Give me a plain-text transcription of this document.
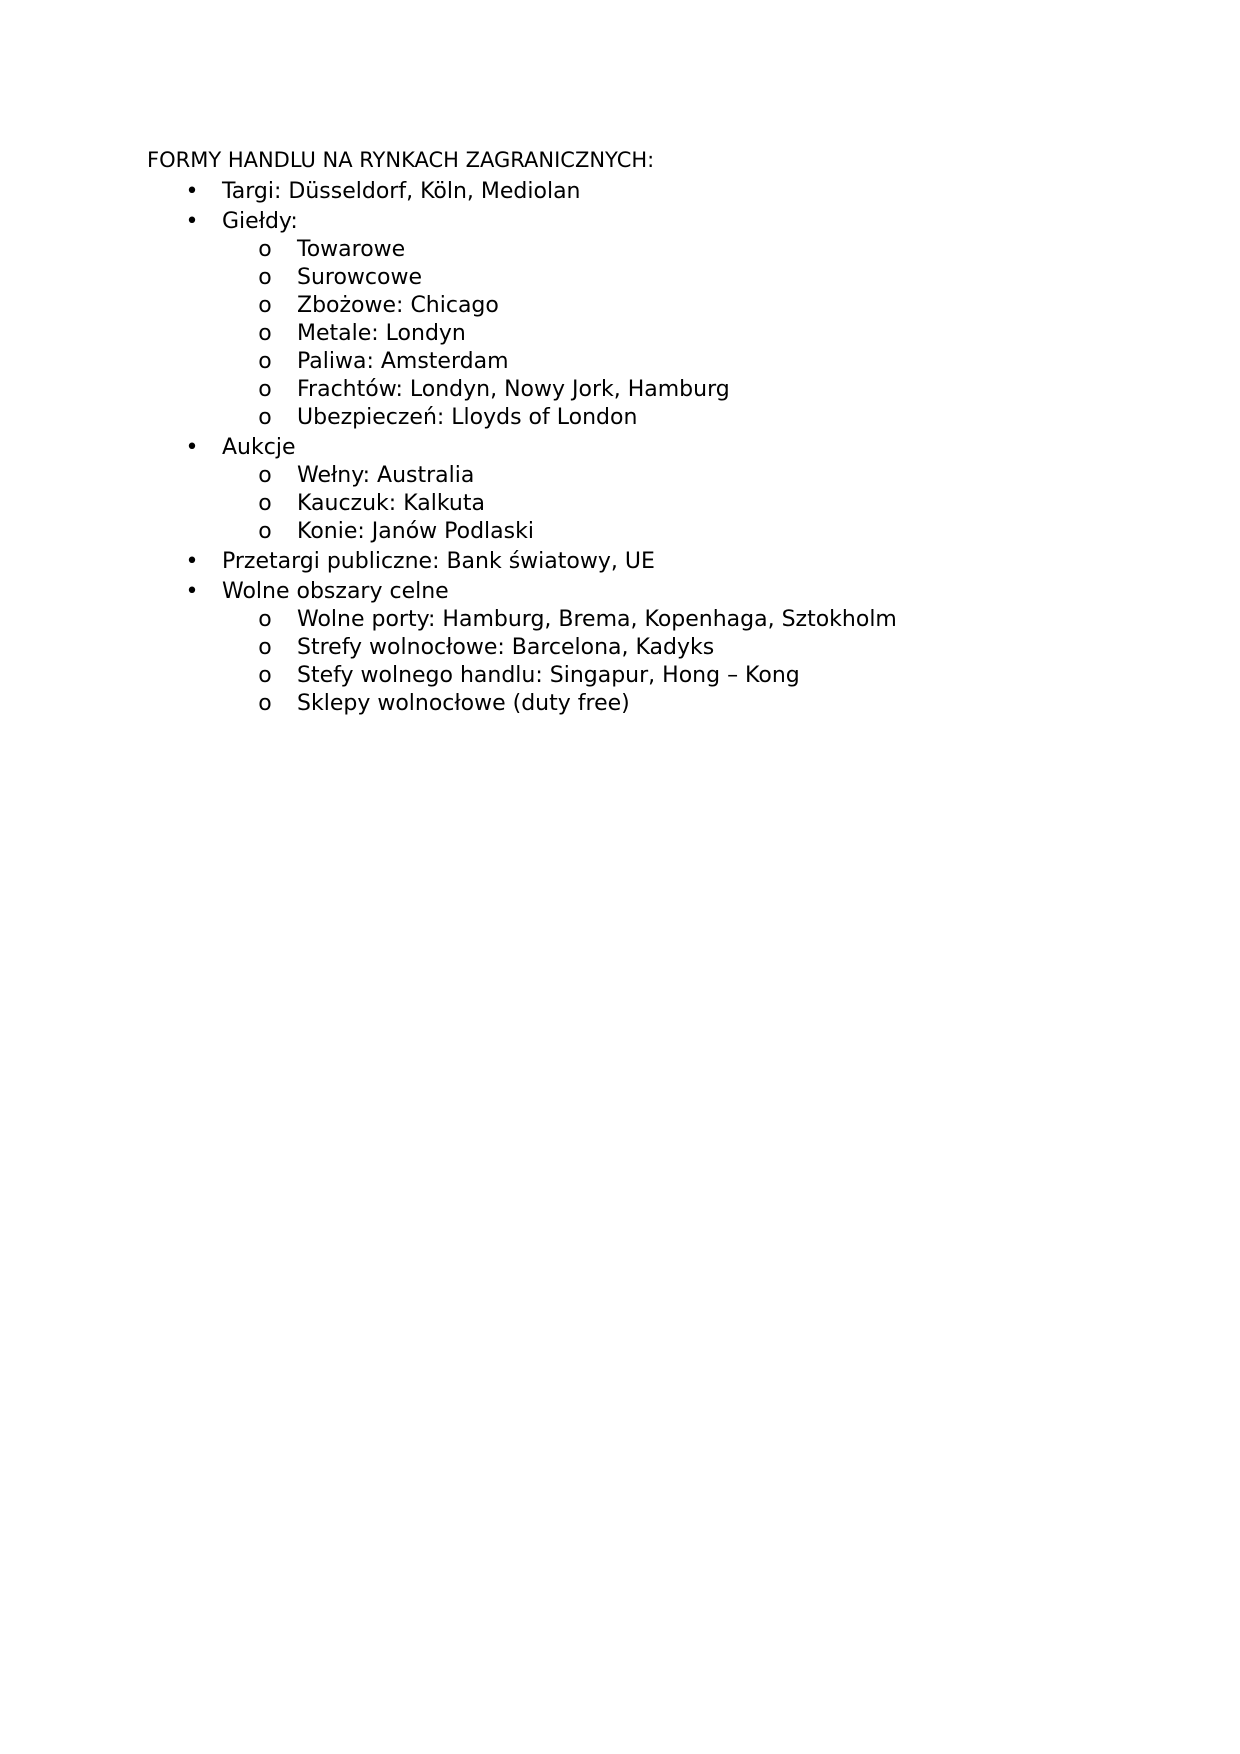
FORMY HANDLU NA RYNKACH ZAGRANICZNYCH:
• Targi: Düsseldorf, Köln, Mediolan
• Giełdy:
o Towarowe
o Surowcowe
o Zbożowe: Chicago
o Metale: Londyn
o Paliwa: Amsterdam
o Frachtów: Londyn, Nowy Jork, Hamburg
o Ubezpieczeń: Lloyds of London
• Aukcje
o Wełny: Australia
o Kauczuk: Kalkuta
o Konie: Janów Podlaski
• Przetargi publiczne: Bank światowy, UE
• Wolne obszary celne
o Wolne porty: Hamburg, Brema, Kopenhaga, Sztokholm
o Strefy wolnocłowe: Barcelona, Kadyks
o Stefy wolnego handlu: Singapur, Hong – Kong
o Sklepy wolnocłowe (duty free)
